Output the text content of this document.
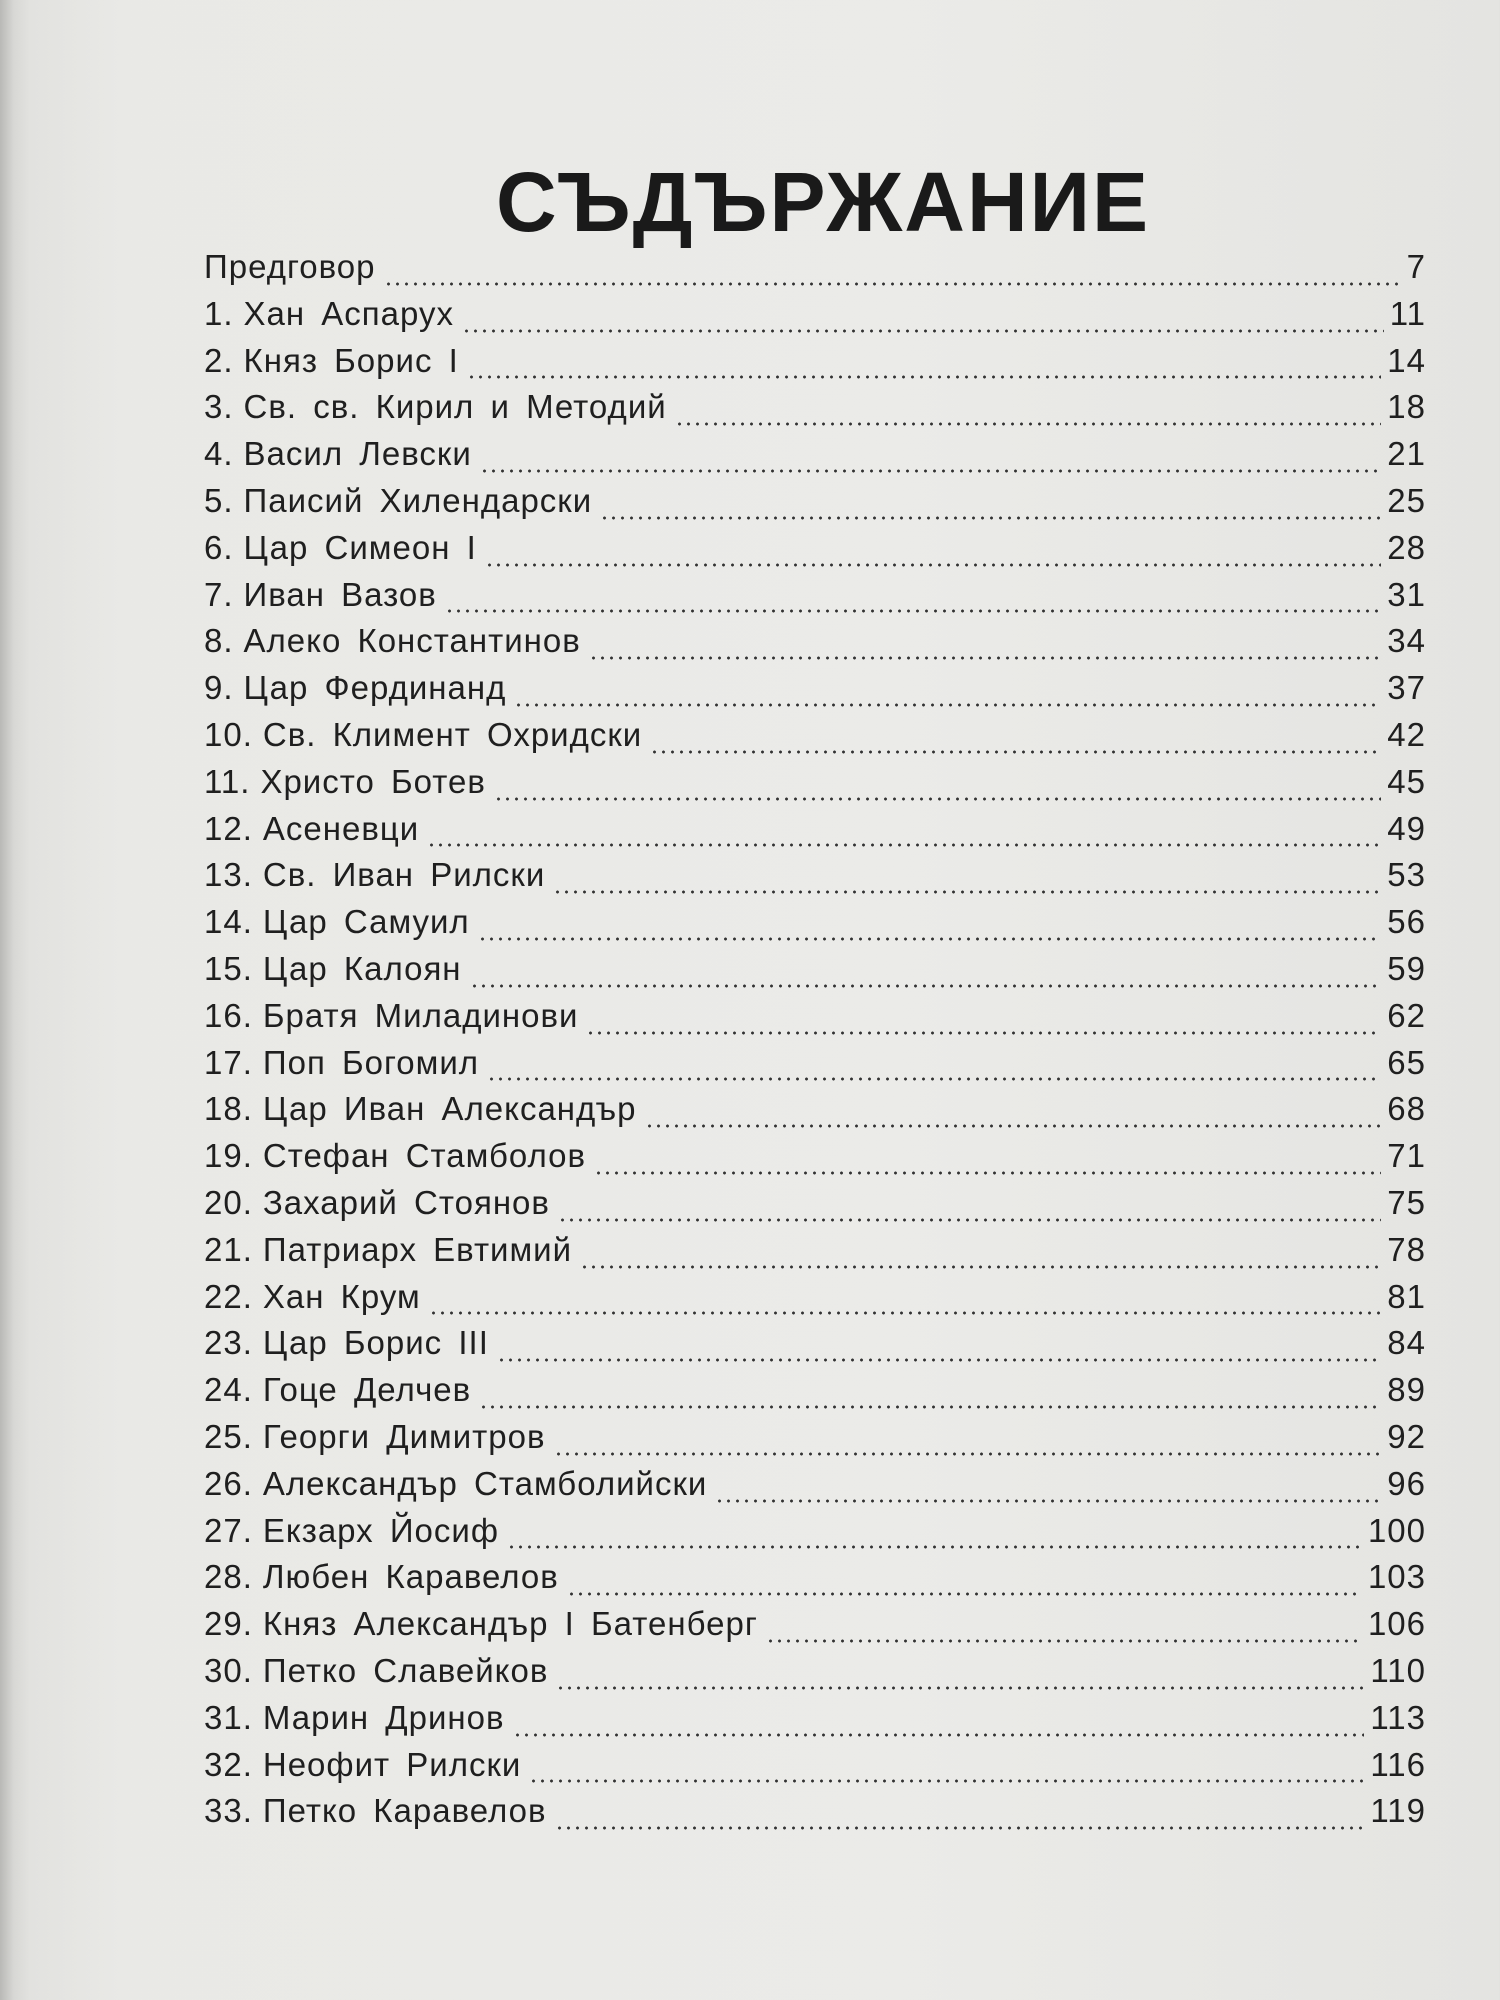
СЪДЪРЖАНИЕ
Предговор	7
1. Хан Аспарух	11
2. Княз Борис I	14
3. Св. св. Кирил и Методий	18
4. Васил Левски	21
5. Паисий Хилендарски	25
6. Цар Симеон I	28
7. Иван Вазов	31
8. Алеко Константинов	34
9. Цар Фердинанд	37
10. Св. Климент Охридски	42
11. Христо Ботев	45
12. Асеневци	49
13. Св. Иван Рилски	53
14. Цар Самуил	56
15. Цар Калоян	59
16. Братя Миладинови	62
17. Поп Богомил	65
18. Цар Иван Александър	68
19. Стефан Стамболов	71
20. Захарий Стоянов	75
21. Патриарх Евтимий	78
22. Хан Крум	81
23. Цар Борис III	84
24. Гоце Делчев	89
25. Георги Димитров	92
26. Александър Стамболийски	96
27. Екзарх Йосиф	100
28. Любен Каравелов	103
29. Княз Александър I Батенберг	106
30. Петко Славейков	110
31. Марин Дринов	113
32. Неофит Рилски	116
33. Петко Каравелов	119
